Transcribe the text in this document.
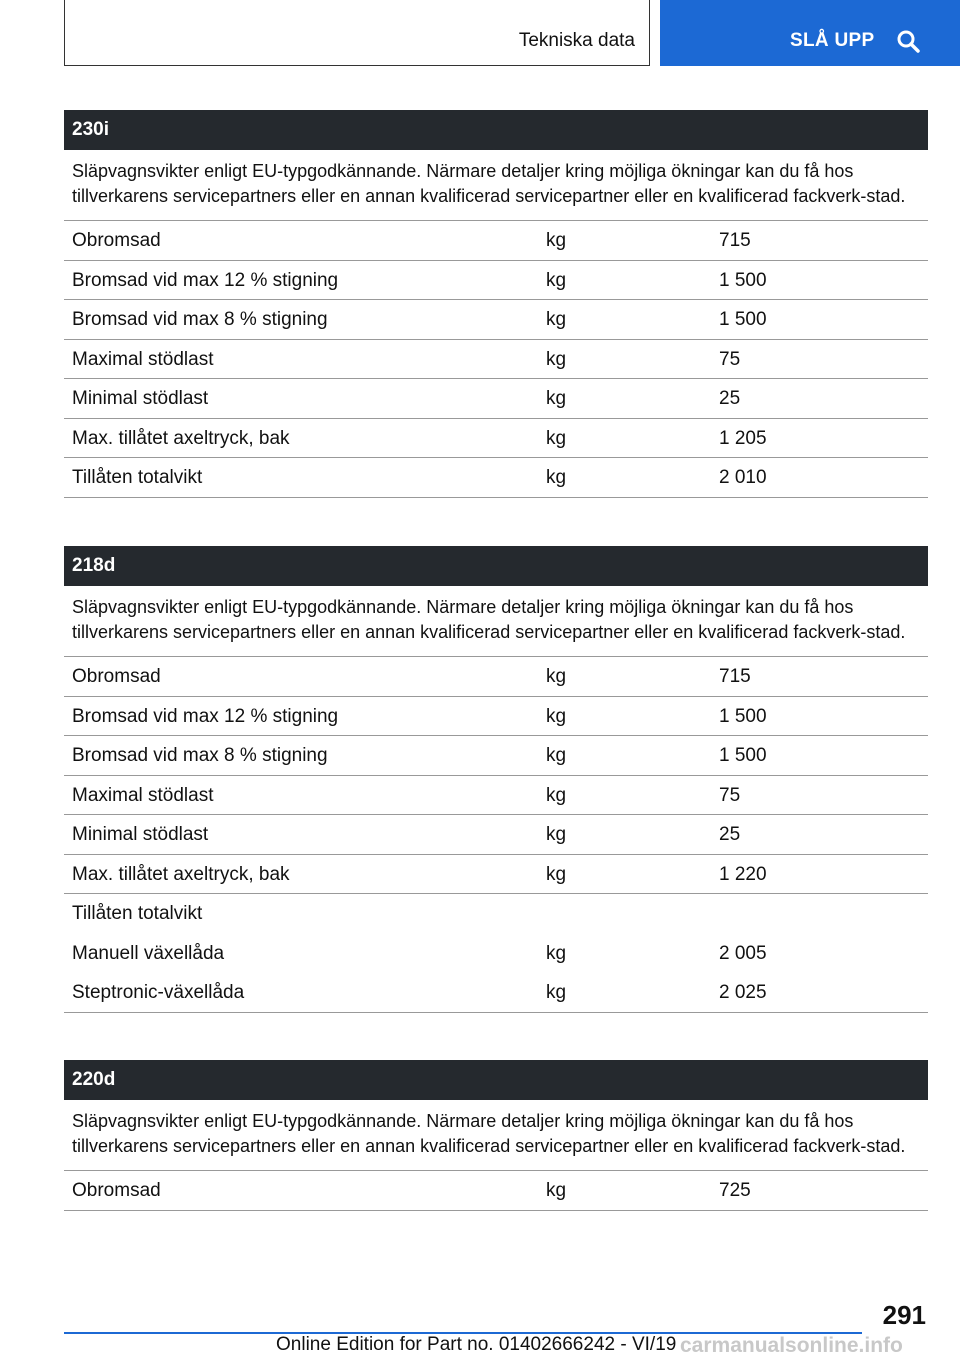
Tekniska data	SLÅ UPP
230i
Släpvagnsvikter enligt EU-typgodkännande. Närmare detaljer kring möjliga ökningar kan du få hos tillverkarens servicepartners eller en annan kvalificerad servicepartner eller en kvalificerad fackverk-stad.
Obromsad	kg	715
Bromsad vid max 12 % stigning	kg	1 500
Bromsad vid max 8 % stigning	kg	1 500
Maximal stödlast	kg	75
Minimal stödlast	kg	25
Max. tillåtet axeltryck, bak	kg	1 205
Tillåten totalvikt	kg	2 010
218d
Släpvagnsvikter enligt EU-typgodkännande. Närmare detaljer kring möjliga ökningar kan du få hos tillverkarens servicepartners eller en annan kvalificerad servicepartner eller en kvalificerad fackverk-stad.
Obromsad	kg	715
Bromsad vid max 12 % stigning	kg	1 500
Bromsad vid max 8 % stigning	kg	1 500
Maximal stödlast	kg	75
Minimal stödlast	kg	25
Max. tillåtet axeltryck, bak	kg	1 220
Tillåten totalvikt
Manuell växellåda	kg	2 005
Steptronic-växellåda	kg	2 025
220d
Släpvagnsvikter enligt EU-typgodkännande. Närmare detaljer kring möjliga ökningar kan du få hos tillverkarens servicepartners eller en annan kvalificerad servicepartner eller en kvalificerad fackverk-stad.
Obromsad	kg	725
291
Online Edition for Part no. 01402666242 - VI/19 carmanualsonline.info
